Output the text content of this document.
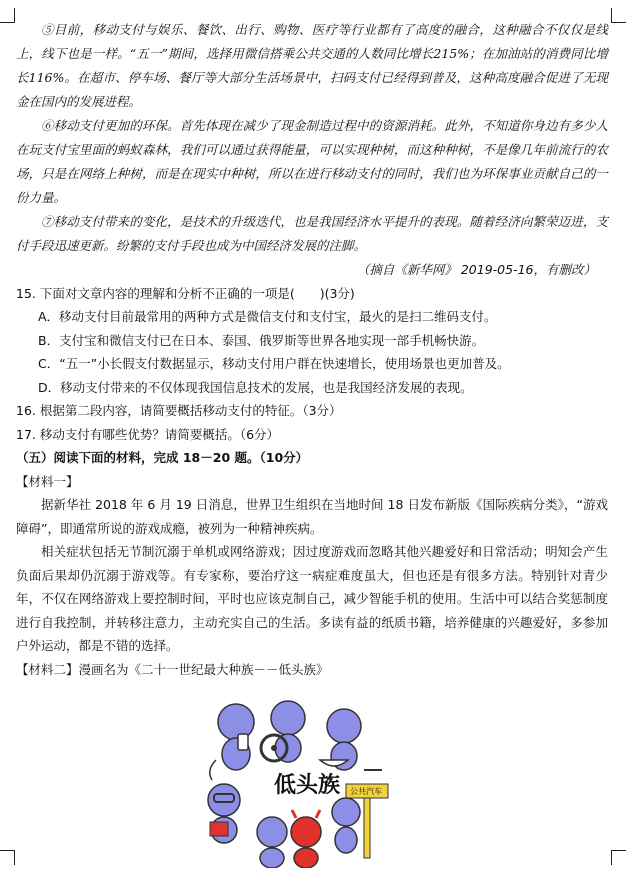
⑤目前，移动支付与娱乐、餐饮、出行、购物、医疗等行业都有了高度的融合，这种融合不仅仅是线上，线下也是一样。“五一”期间，选择用微信搭乘公共交通的人数同比增长215%；在加油站的消费同比增长116%。在超市、停车场、餐厅等大部分生活场景中，扫码支付已经得到普及，这种高度融合促进了无现金在国内的发展进程。

⑥移动支付更加的环保。首先体现在减少了现金制造过程中的资源消耗。此外，不知道你身边有多少人在玩支付宝里面的蚂蚁森林，我们可以通过获得能量，可以实现种树，而这种种树，不是像几年前流行的农场，只是在网络上种树，而是在现实中种树，所以在进行移动支付的同时，我们也为环保事业贡献自己的一份力量。

⑦移动支付带来的变化，是技术的升级迭代，也是我国经济水平提升的表现。随着经济向繁荣迈进，支付手段迅速更新。纷繁的支付手段也成为中国经济发展的注脚。

（摘自《新华网》 2019-05-16，有删改）

15. 下面对文章内容的理解和分析不正确的一项是(　　)(3分)

A．移动支付目前最常用的两种方式是微信支付和支付宝，最火的是扫二维码支付。

B．支付宝和微信支付已在日本、泰国、俄罗斯等世界各地实现一部手机畅快游。

C．“五一”小长假支付数据显示，移动支付用户群在快速增长，使用场景也更加普及。

D．移动支付带来的不仅体现我国信息技术的发展，也是我国经济发展的表现。

16. 根据第二段内容，请简要概括移动支付的特征。（3分）

17. 移动支付有哪些优势？请简要概括。（6分）

（五）阅读下面的材料，完成 18－20 题。（10分）

【材料一】

据新华社 2018 年 6 月 19 日消息，世界卫生组织在当地时间 18 日发布新版《国际疾病分类》，“游戏障碍”，即通常所说的游戏成瘾，被列为一种精神疾病。

相关症状包括无节制沉溺于单机或网络游戏；因过度游戏而忽略其他兴趣爱好和日常活动；明知会产生负面后果却仍沉溺于游戏等。有专家称，要治疗这一病症难度虽大，但也还是有很多方法。特别针对青少年，不仅在网络游戏上要控制时间，平时也应该克制自己，减少智能手机的使用。生活中可以结合奖惩制度进行自我控制，并转移注意力，主动充实自己的生活。多读有益的纸质书籍，培养健康的兴趣爱好，多参加户外运动，都是不错的选择。

【材料二】漫画名为《二十一世纪最大种族－－低头族》

低头族 公共汽车
